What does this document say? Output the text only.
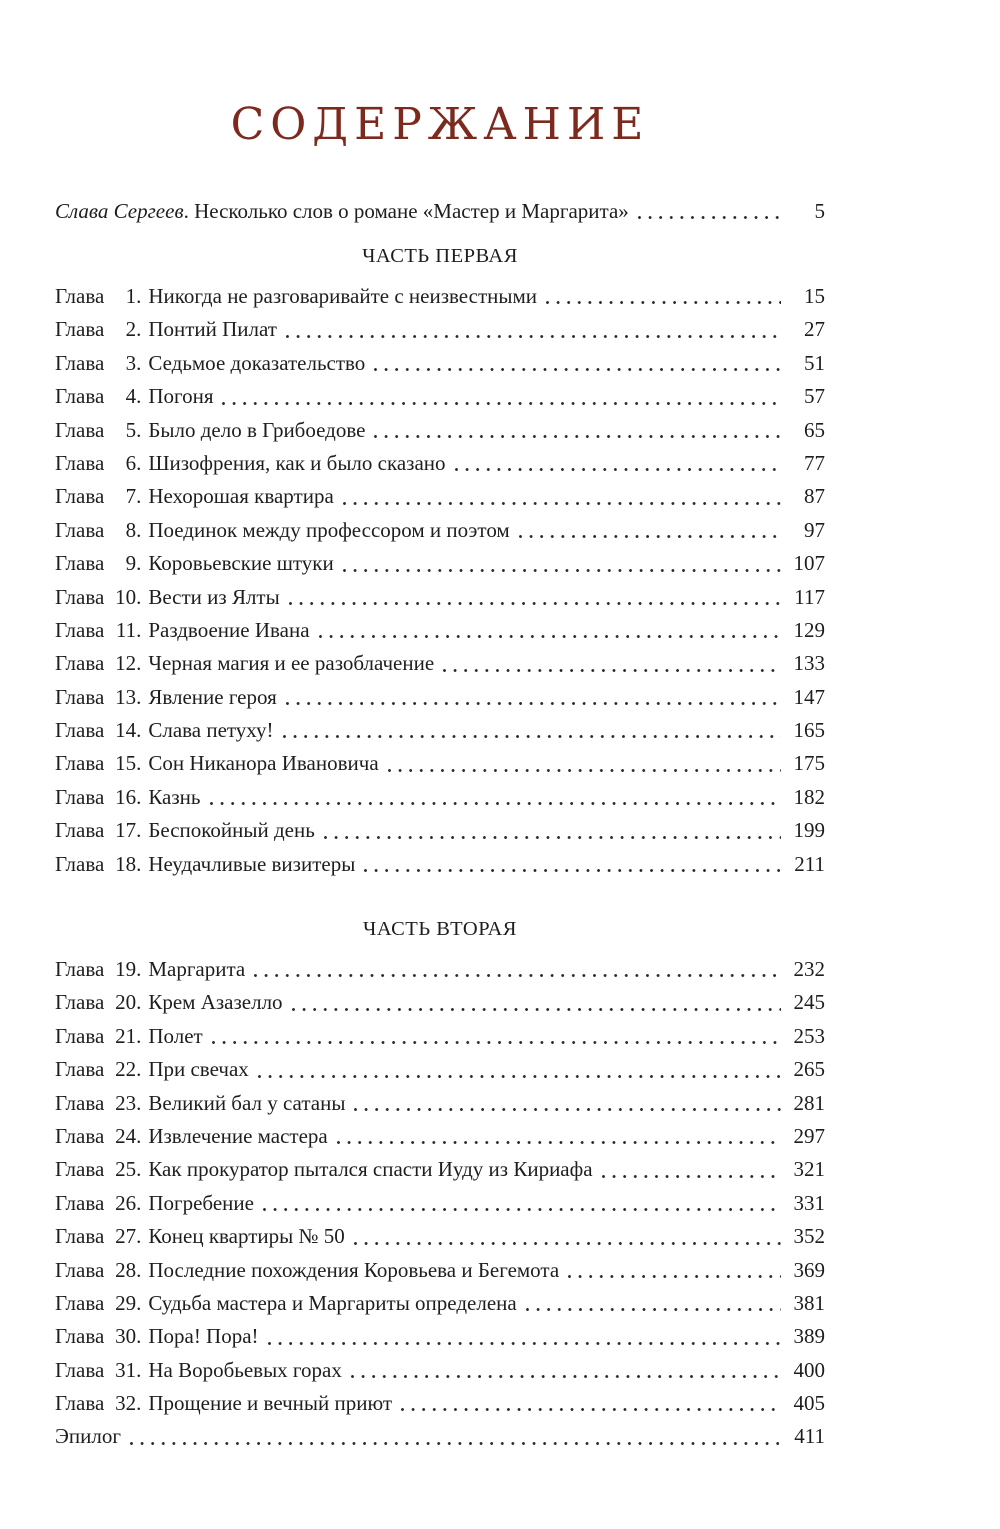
СОДЕРЖАНИЕ
Слава Сергеев . Несколько слов о романе «Мастер и Маргарита»	5
ЧАСТЬ ПЕРВАЯ
Глава	1. Никогда не разговаривайте с неизвестными	15
Глава	2. Понтий Пилат	27
Глава	3. Седьмое доказательство	51
Глава	4. Погоня	57
Глава	5. Было дело в Грибоедове	65
Глава	6. Шизофрения, как и было сказано	77
Глава	7. Нехорошая квартира	87
Глава	8. Поединок между профессором и поэтом	97
Глава	9. Коровьевские штуки	107
Глава 10. Вести из Ялты	117
Глава 11. Раздвоение Ивана	129
Глава 12. Черная магия и ее разоблачение	133
Глава 13. Явление героя	147
Глава 14. Слава петуху!	165
Глава 15. Сон Никанора Ивановича	175
Глава 16. Казнь	182
Глава 17. Беспокойный день	199
Глава 18. Неудачливые визитеры	211
ЧАСТЬ ВТОРАЯ
Глава 19. Маргарита	232
Глава 20. Крем Азазелло	245
Глава 21. Полет	253
Глава 22. При свечах	265
Глава 23. Великий бал у сатаны	281
Глава 24. Извлечение мастера	297
Глава 25. Как прокуратор пытался спасти Иуду из Кириафа	321
Глава 26. Погребение	331
Глава 27. Конец квартиры № 50	352
Глава 28. Последние похождения Коровьева и Бегемота	369
Глава 29. Судьба мастера и Маргариты определена	381
Глава 30. Пора! Пора!	389
Глава 31. На Воробьевых горах	400
Глава 32. Прощение и вечный приют	405
Эпилог	411
